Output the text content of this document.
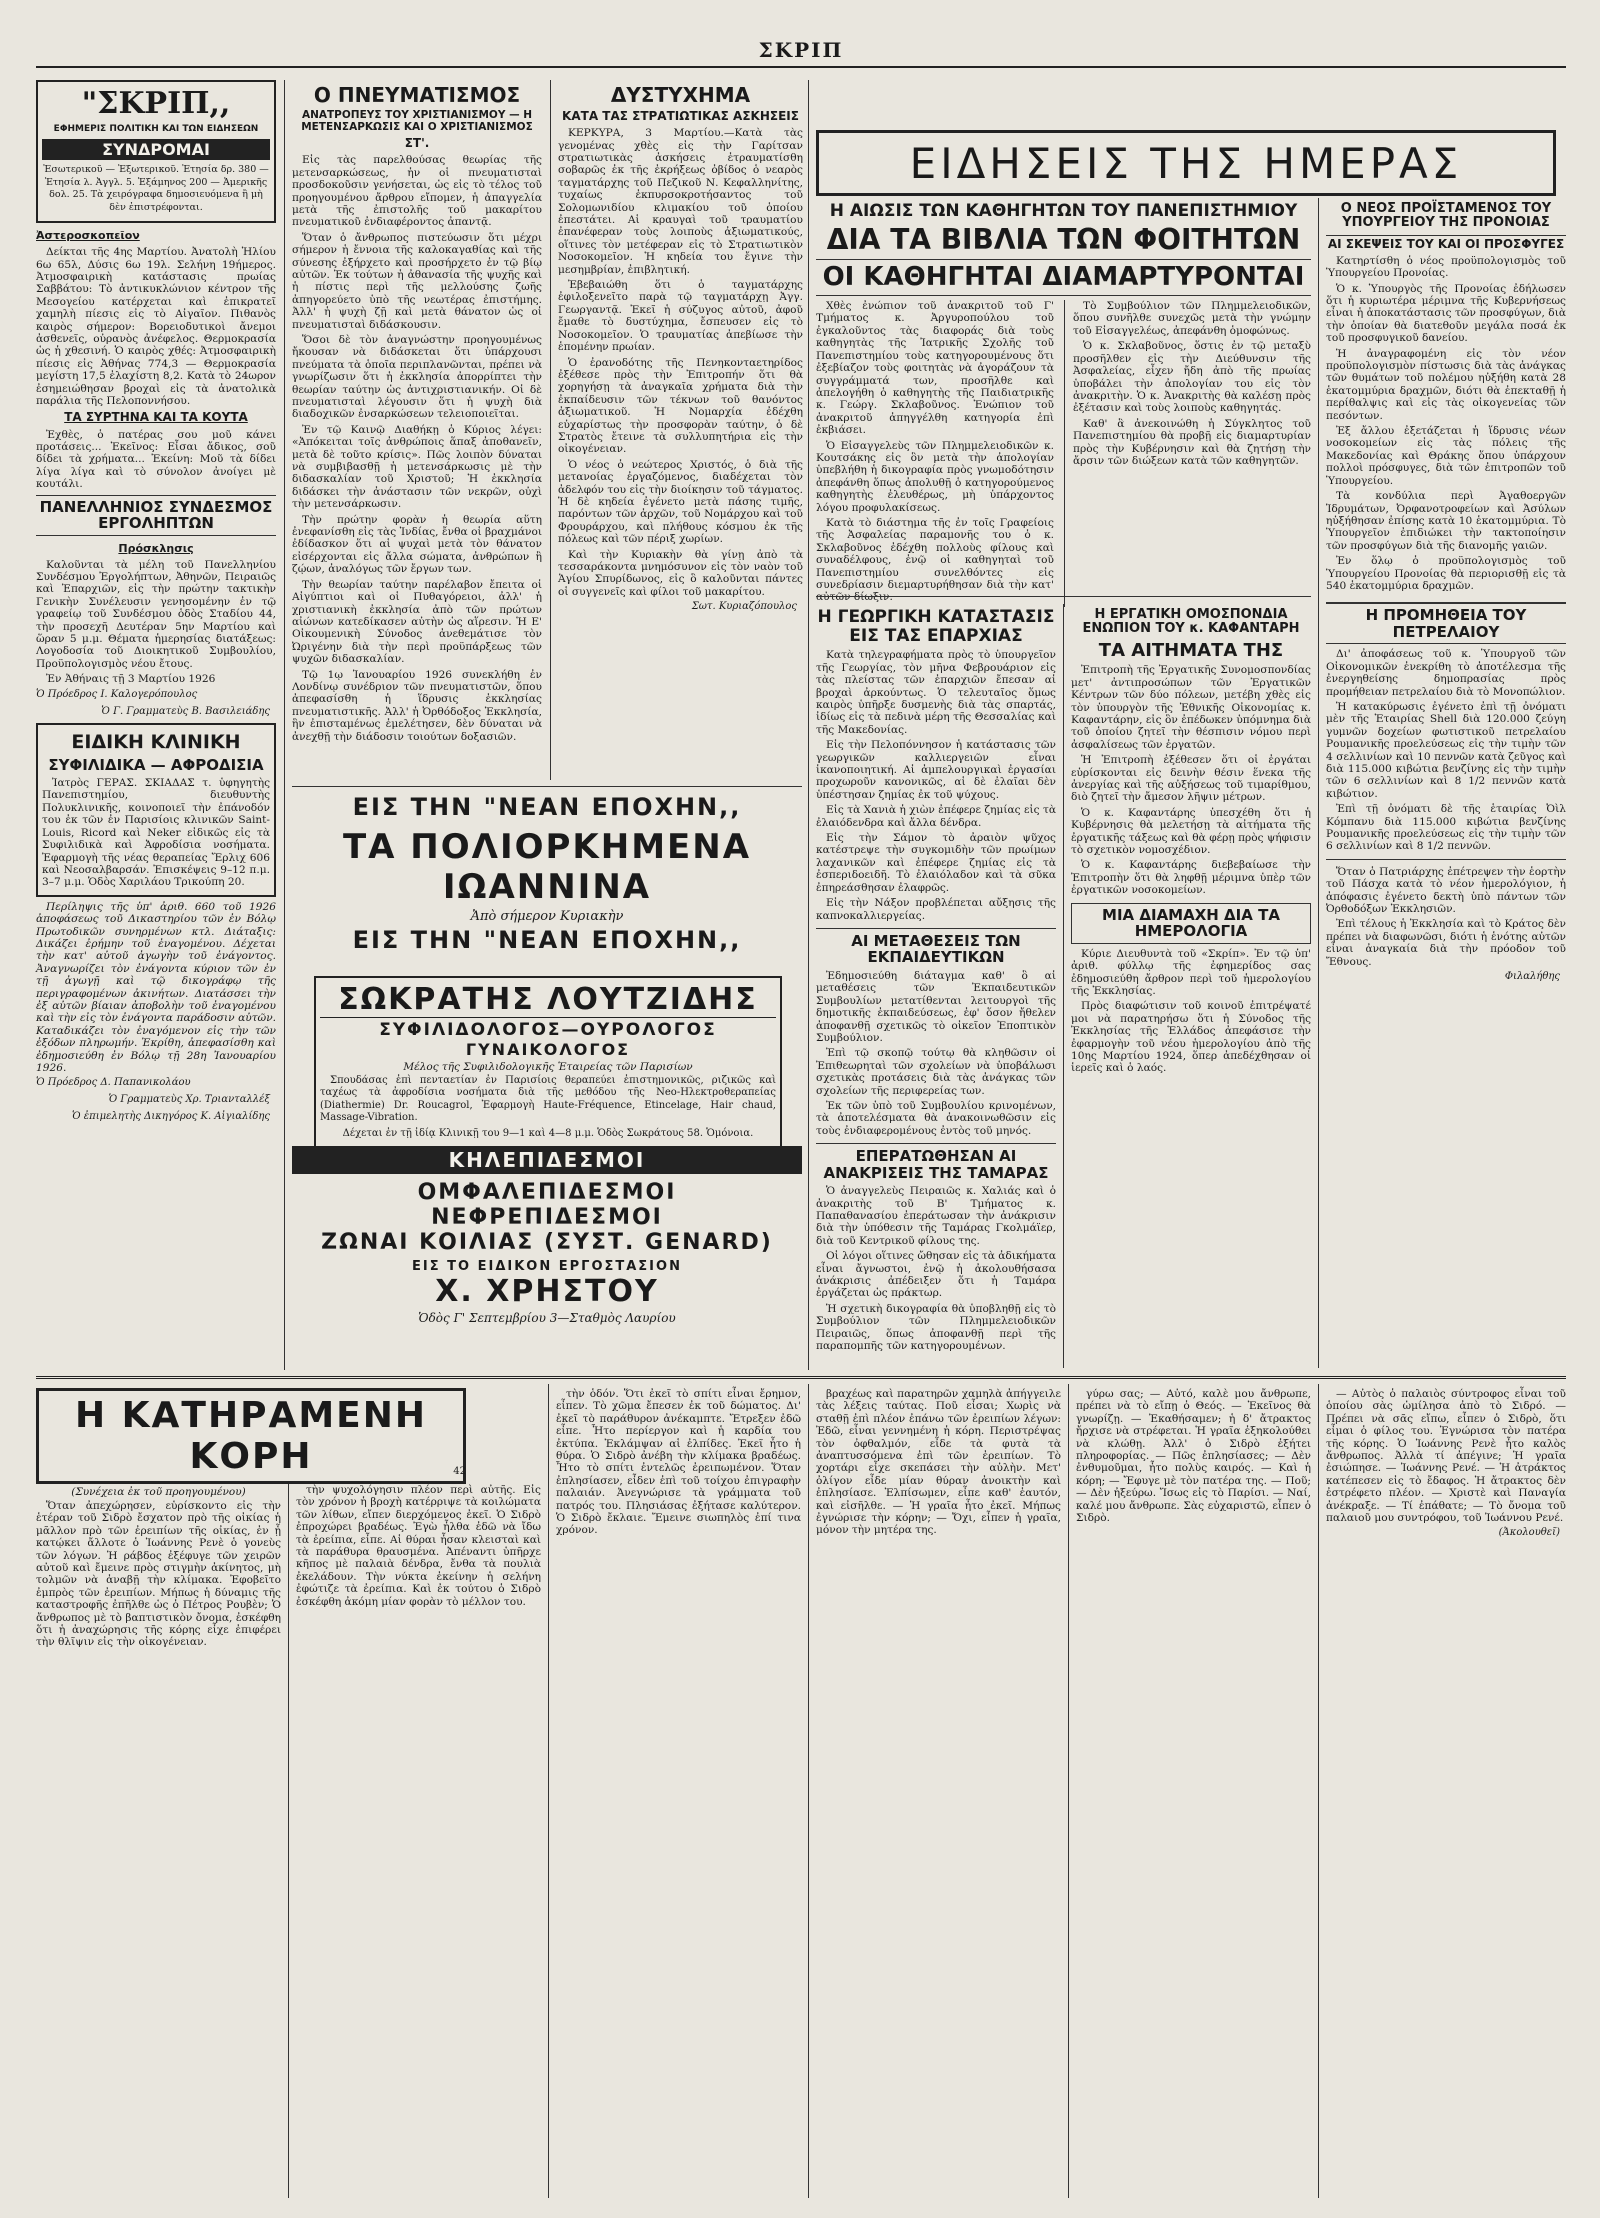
ΣΚΡΙΠ
"ΣΚΡΙΠ,,
ΕΦΗΜΕΡΙΣ ΠΟΛΙΤΙΚΗ ΚΑΙ ΤΩΝ ΕΙΔΗΣΕΩΝ
ΣΥΝΔΡΟΜΑΙ

Ἐσωτερικοῦ — Ἐξωτερικοῦ. Ἐτησία δρ. 380 — Ἐτησία λ. Ἀγγλ. 5. Ἑξάμηνος 200 — Ἀμερικῆς δολ. 25. Τὰ χειρόγραφα δημοσιευόμενα ἢ μὴ δὲν ἐπιστρέφονται.

Ἀστεροσκοπεῖον

Δείκται τῆς 4ης Μαρτίου. Ἀνατολὴ Ἡλίου 6ω 65λ, Δύσις 6ω 19λ. Σελήνη 19ήμερος. Ἀτμοσφαιρικὴ κατάστασις πρωίας Σαββάτου: Τὸ ἀντικυκλώνιον κέντρον τῆς Μεσογείου κατέρχεται καὶ ἐπικρατεῖ χαμηλὴ πίεσις εἰς τὸ Αἰγαῖον. Πιθανὸς καιρὸς σήμερον: Βορειοδυτικοὶ ἄνεμοι ἀσθενεῖς, οὐρανὸς ἀνέφελος. Θερμοκρασία ὡς ἡ χθεσινή. Ὁ καιρὸς χθές: Ἀτμοσφαιρικὴ πίεσις εἰς Ἀθήνας 774,3 — Θερμοκρασία μεγίστη 17,5 ἐλαχίστη 8,2. Κατὰ τὸ 24ωρον ἐσημειώθησαν βροχαὶ εἰς τὰ ἀνατολικὰ παράλια τῆς Πελοποννήσου.

ΤΑ ΣΥΡΤΗΝΑ ΚΑΙ ΤΑ ΚΟΥΤΑ

Ἐχθὲς, ὁ πατέρας σου μοῦ κάνει προτάσεις... Ἐκεῖνος: Εἶσαι ἄδικος, σοῦ δίδει τὰ χρήματα... Ἐκείνη: Μοῦ τὰ δίδει λίγα λίγα καὶ τὸ σύνολον ἀνοίγει μὲ κουτάλι.

ΠΑΝΕΛΛΗΝΙΟΣ ΣΥΝΔΕΣΜΟΣ ΕΡΓΟΛΗΠΤΩΝ
Πρόσκλησις

Καλοῦνται τὰ μέλη τοῦ Πανελληνίου Συνδέσμου Ἐργολήπτων, Ἀθηνῶν, Πειραιῶς καὶ Ἐπαρχιῶν, εἰς τὴν πρώτην τακτικὴν Γενικὴν Συνέλευσιν γενησομένην ἐν τῷ γραφείῳ τοῦ Συνδέσμου ὁδὸς Σταδίου 44, τὴν προσεχῆ Δευτέραν 5ην Μαρτίου καὶ ὥραν 5 μ.μ. Θέματα ἡμερησίας διατάξεως: Λογοδοσία τοῦ Διοικητικοῦ Συμβουλίου, Προϋπολογισμὸς νέου ἔτους.

Ἐν Ἀθήναις τῇ 3 Μαρτίου 1926

Ὁ Πρόεδρος Ι. Καλογερόπουλος
Ὁ Γ. Γραμματεὺς Β. Βασιλειάδης
ΕΙΔΙΚΗ ΚΛΙΝΙΚΗ
ΣΥΦΙΛΙΔΙΚΑ — ΑΦΡΟΔΙΣΙΑ

Ἰατρὸς ΓΕΡΑΣ. ΣΚΙΑΔΑΣ τ. ὑφηγητὴς Πανεπιστημίου, διευθυντὴς Πολυκλινικῆς, κοινοποιεῖ τὴν ἐπάνοδόν του ἐκ τῶν ἐν Παρισίοις κλινικῶν Saint-Louis, Ricord καὶ Neker εἰδικῶς εἰς τὰ Συφιλιδικὰ καὶ Ἀφροδίσια νοσήματα. Ἐφαρμογὴ τῆς νέας θεραπείας Ἔρλιχ 606 καὶ Νεοσαλβαρσάν. Ἐπισκέψεις 9–12 π.μ. 3–7 μ.μ. Ὁδὸς Χαριλάου Τρικούπη 20.

Περίληψις τῆς ὑπ' ἀριθ. 660 τοῦ 1926 ἀποφάσεως τοῦ Δικαστηρίου τῶν ἐν Βόλῳ Πρωτοδικῶν συνηρμένων κτλ. Διάταξις: Δικάζει ἐρήμην τοῦ ἐναγομένου. Δέχεται τὴν κατ' αὐτοῦ ἀγωγὴν τοῦ ἐνάγοντος. Ἀναγνωρίζει τὸν ἐνάγοντα κύριον τῶν ἐν τῇ ἀγωγῇ καὶ τῷ δικογράφῳ τῆς περιγραφομένων ἀκινήτων. Διατάσσει τὴν ἐξ αὐτῶν βίαιαν ἀποβολὴν τοῦ ἐναγομένου καὶ τὴν εἰς τὸν ἐνάγοντα παράδοσιν αὐτῶν. Καταδικάζει τὸν ἐναγόμενον εἰς τὴν τῶν ἐξόδων πληρωμήν. Ἐκρίθη, ἀπεφασίσθη καὶ ἐδημοσιεύθη ἐν Βόλῳ τῇ 28η Ἰανουαρίου 1926.

Ὁ Πρόεδρος Δ. Παπανικολάου
Ὁ Γραμματεὺς Χρ. Τριανταλλέξ
Ὁ ἐπιμελητὴς Δικηγόρος Κ. Αἰγιαλίδης
Ο ΠΝΕΥΜΑΤΙΣΜΟΣ
ΑΝΑΤΡΟΠΕΥΣ ΤΟΥ ΧΡΙΣΤΙΑΝΙΣΜΟΥ — Η ΜΕΤΕΝΣΑΡΚΩΣΙΣ ΚΑΙ Ο ΧΡΙΣΤΙΑΝΙΣΜΟΣ
ΣΤ'.

Εἰς τὰς παρελθούσας θεωρίας τῆς μετενσαρκώσεως, ἡν οἱ πνευματισταὶ προσδοκοῦσιν γενήσεται, ὡς εἰς τὸ τέλος τοῦ προηγουμένου ἄρθρου εἴπομεν, ἡ ἀπαγγελία μετὰ τῆς ἐπιστολῆς τοῦ μακαρίτου πνευματικοῦ ἐνδιαφέροντος ἀπαντᾷ.

Ὅταν ὁ ἄνθρωπος πιστεύωσιν ὅτι μέχρι σήμερον ἡ ἔννοια τῆς καλοκαγαθίας καὶ τῆς σύνεσης ἐξήρχετο καὶ προσήρχετο ἐν τῷ βίῳ αὐτῶν. Ἐκ τούτων ἡ ἀθανασία τῆς ψυχῆς καὶ ἡ πίστις περὶ τῆς μελλούσης ζωῆς ἀπηγορεύετο ὑπὸ τῆς νεωτέρας ἐπιστήμης. Ἀλλ' ἡ ψυχὴ ζῇ καὶ μετὰ θάνατον ὡς οἱ πνευματισταὶ διδάσκουσιν.

Ὅσοι δὲ τὸν ἀναγνώστην προηγουμένως ἤκουσαν νὰ διδάσκεται ὅτι ὑπάρχουσι πνεύματα τὰ ὁποῖα περιπλανῶνται, πρέπει νὰ γνωρίζωσιν ὅτι ἡ ἐκκλησία ἀπορρίπτει τὴν θεωρίαν ταύτην ὡς ἀντιχριστιανικήν. Οἱ δὲ πνευματισταὶ λέγουσιν ὅτι ἡ ψυχὴ διὰ διαδοχικῶν ἐνσαρκώσεων τελειοποιεῖται.

Ἐν τῷ Καινῷ Διαθήκῃ ὁ Κύριος λέγει: «Ἀπόκειται τοῖς ἀνθρώποις ἅπαξ ἀποθανεῖν, μετὰ δὲ τοῦτο κρίσις». Πῶς λοιπὸν δύναται νὰ συμβιβασθῇ ἡ μετενσάρκωσις μὲ τὴν διδασκαλίαν τοῦ Χριστοῦ; Ἡ ἐκκλησία διδάσκει τὴν ἀνάστασιν τῶν νεκρῶν, οὐχὶ τὴν μετενσάρκωσιν.

Τὴν πρώτην φορὰν ἡ θεωρία αὕτη ἐνεφανίσθη εἰς τὰς Ἰνδίας, ἔνθα οἱ βραχμάνοι ἐδίδασκον ὅτι αἱ ψυχαὶ μετὰ τὸν θάνατον εἰσέρχονται εἰς ἄλλα σώματα, ἀνθρώπων ἢ ζῴων, ἀναλόγως τῶν ἔργων των.

Τὴν θεωρίαν ταύτην παρέλαβον ἔπειτα οἱ Αἰγύπτιοι καὶ οἱ Πυθαγόρειοι, ἀλλ' ἡ χριστιανικὴ ἐκκλησία ἀπὸ τῶν πρώτων αἰώνων κατεδίκασεν αὐτὴν ὡς αἵρεσιν. Ἡ Ε' Οἰκουμενικὴ Σύνοδος ἀνεθεμάτισε τὸν Ὠριγένην διὰ τὴν περὶ προϋπάρξεως τῶν ψυχῶν διδασκαλίαν.

Τῷ 1ῳ Ἰανουαρίου 1926 συνεκλήθη ἐν Λονδίνῳ συνέδριον τῶν πνευματιστῶν, ὅπου ἀπεφασίσθη ἡ ἵδρυσις ἐκκλησίας πνευματιστικῆς. Ἀλλ' ἡ Ὀρθόδοξος Ἐκκλησία, ἣν ἐπισταμένως ἐμελέτησεν, δὲν δύναται νὰ ἀνεχθῇ τὴν διάδοσιν τοιούτων δοξασιῶν.

ΔΥΣΤΥΧΗΜΑ
ΚΑΤΑ ΤΑΣ ΣΤΡΑΤΙΩΤΙΚΑΣ ΑΣΚΗΣΕΙΣ

ΚΕΡΚΥΡΑ, 3 Μαρτίου.—Κατὰ τὰς γενομένας χθὲς εἰς τὴν Γαρίτσαν στρατιωτικὰς ἀσκήσεις ἐτραυματίσθη σοβαρῶς ἐκ τῆς ἐκρήξεως ὀβίδος ὁ νεαρὸς ταγματάρχης τοῦ Πεζικοῦ Ν. Κεφαλληνίτης, τυχαίως ἐκπυρσοκροτήσαντος τοῦ Σολομωνιδίου κλιμακίου τοῦ ὁποίου ἐπεστάτει. Αἱ κραυγαὶ τοῦ τραυματίου ἐπανέφεραν τοὺς λοιποὺς ἀξιωματικούς, οἵτινες τὸν μετέφεραν εἰς τὸ Στρατιωτικὸν Νοσοκομεῖον. Ἡ κηδεία του ἔγινε τὴν μεσημβρίαν, ἐπιβλητική.

Ἐβεβαιώθη ὅτι ὁ ταγματάρχης ἐφιλοξενεῖτο παρὰ τῷ ταγματάρχῃ Ἀγγ. Γεωργαντᾷ. Ἐκεῖ ἡ σύζυγος αὐτοῦ, ἀφοῦ ἔμαθε τὸ δυστύχημα, ἔσπευσεν εἰς τὸ Νοσοκομεῖον. Ὁ τραυματίας ἀπεβίωσε τὴν ἑπομένην πρωίαν.

Ὁ ἐρανοδότης τῆς Πενηκονταετηρίδος ἐξέθεσε πρὸς τὴν Ἐπιτροπήν ὅτι θὰ χορηγήσῃ τὰ ἀναγκαῖα χρήματα διὰ τὴν ἐκπαίδευσιν τῶν τέκνων τοῦ θανόντος ἀξιωματικοῦ. Ἡ Νομαρχία ἐδέχθη εὐχαρίστως τὴν προσφορὰν ταύτην, ὁ δὲ Στρατὸς ἔτεινε τὰ συλλυπητήρια εἰς τὴν οἰκογένειαν.

Ὁ νέος ὁ νεώτερος Χριστός, ὁ διὰ τῆς μετανοίας ἐργαζόμενος, διαδέχεται τὸν ἀδελφόν του εἰς τὴν διοίκησιν τοῦ τάγματος. Ἡ δὲ κηδεία ἐγένετο μετὰ πάσης τιμῆς, παρόντων τῶν ἀρχῶν, τοῦ Νομάρχου καὶ τοῦ Φρουράρχου, καὶ πλήθους κόσμου ἐκ τῆς πόλεως καὶ τῶν πέριξ χωρίων.

Καὶ τὴν Κυριακὴν θὰ γίνῃ ἀπὸ τὰ τεσσαράκοντα μνημόσυνον εἰς τὸν ναὸν τοῦ Ἁγίου Σπυρίδωνος, εἰς ὃ καλοῦνται πάντες οἱ συγγενεῖς καὶ φίλοι τοῦ μακαρίτου.

Σωτ. Κυριαζόπουλος
ΕΙΣ ΤΗΝ "ΝΕΑΝ ΕΠΟΧΗΝ,,
ΤΑ ΠΟΛΙΟΡΚΗΜΕΝΑ
ΙΩΑΝΝΙΝΑ
Ἀπὸ σήμερον Κυριακὴν
ΕΙΣ ΤΗΝ "ΝΕΑΝ ΕΠΟΧΗΝ,,
ΣΩΚΡΑΤΗΣ ΛΟΥΤΖΙΔΗΣ
ΣΥΦΙΛΙΔΟΛΟΓΟΣ—ΟΥΡΟΛΟΓΟΣ
ΓΥΝΑΙΚΟΛΟΓΟΣ
Μέλος τῆς Συφιλιδολογικῆς Ἑταιρείας τῶν Παρισίων

Σπουδάσας ἐπὶ πενταετίαν ἐν Παρισίοις θεραπεύει ἐπιστημονικῶς, ριζικῶς καὶ ταχέως τὰ ἀφροδίσια νοσήματα διὰ τῆς μεθόδου τῆς Neo-Ηλεκτροθεραπείας (Diathermie) Dr. Roucagrol, Ἐφαρμογὴ Haute-Fréquence, Etincelage, Hair chaud, Massage-Vibration.

Δέχεται ἐν τῇ ἰδίᾳ Κλινικῇ του 9—1 καὶ 4—8 μ.μ. Ὁδὸς Σωκράτους 58. Ὁμόνοια.
ΚΗΛΕΠΙΔΕΣΜΟΙ
ΟΜΦΑΛΕΠΙΔΕΣΜΟΙ
ΝΕΦΡΕΠΙΔΕΣΜΟΙ
ΖΩΝΑΙ ΚΟΙΛΙΑΣ (ΣΥΣΤ. GENARD)
ΕΙΣ ΤΟ ΕΙΔΙΚΟΝ ΕΡΓΟΣΤΑΣΙΟΝ
Χ. ΧΡΗΣΤΟΥ
Ὁδὸς Γ' Σεπτεμβρίου 3—Σταθμὸς Λαυρίου
ΕΙΔΗΣΕΙΣ ΤΗΣ ΗΜΕΡΑΣ
Η ΑΙΩΣΙΣ ΤΩΝ ΚΑΘΗΓΗΤΩΝ ΤΟΥ ΠΑΝΕΠΙΣΤΗΜΙΟΥ
ΔΙΑ ΤΑ ΒΙΒΛΙΑ ΤΩΝ ΦΟΙΤΗΤΩΝ
ΟΙ ΚΑΘΗΓΗΤΑΙ ΔΙΑΜΑΡΤΥΡΟΝΤΑΙ

Χθὲς ἐνώπιον τοῦ ἀνακριτοῦ τοῦ Γ' Τμήματος κ. Ἀργυροπούλου τοῦ ἐγκαλοῦντος τὰς διαφοράς διὰ τοὺς καθηγητὰς τῆς Ἰατρικῆς Σχολῆς τοῦ Πανεπιστημίου τοὺς κατηγορουμένους ὅτι ἐξεβίαζον τοὺς φοιτητὰς νὰ ἀγοράζουν τὰ συγγράμματά των, προσῆλθε καὶ ἀπελογήθη ὁ καθηγητὴς τῆς Παιδιατρικῆς κ. Γεώργ. Σκλαβοῦνος. Ἐνώπιον τοῦ ἀνακριτοῦ ἀπηγγέλθη κατηγορία ἐπὶ ἐκβιάσει.

Ὁ Εἰσαγγελεὺς τῶν Πλημμελειοδικῶν κ. Κουτσάκης εἰς ὃν μετὰ τὴν ἀπολογίαν ὑπεβλήθη ἡ δικογραφία πρὸς γνωμοδότησιν ἀπεφάνθη ὅπως ἀπολυθῇ ὁ κατηγορούμενος καθηγητὴς ἐλευθέρως, μὴ ὑπάρχοντος λόγου προφυλακίσεως.

Κατὰ τὸ διάστημα τῆς ἐν τοῖς Γραφείοις τῆς Ἀσφαλείας παραμονῆς του ὁ κ. Σκλαβοῦνος ἐδέχθη πολλοὺς φίλους καὶ συναδέλφους, ἐνῷ οἱ καθηγηταὶ τοῦ Πανεπιστημίου συνελθόντες εἰς συνεδρίασιν διεμαρτυρήθησαν διὰ τὴν κατ' αὐτῶν δίωξιν.

Τὸ Συμβούλιον τῶν Πλημμελειοδικῶν, ὅπου συνῆλθε συνεχῶς μετὰ τὴν γνώμην τοῦ Εἰσαγγελέως, ἀπεφάνθη ὁμοφώνως.

Ὁ κ. Σκλαβοῦνος, ὅστις ἐν τῷ μεταξὺ προσῆλθεν εἰς τὴν Διεύθυνσιν τῆς Ἀσφαλείας, εἶχεν ἤδη ἀπὸ τῆς πρωίας ὑποβάλει τὴν ἀπολογίαν του εἰς τὸν ἀνακριτὴν. Ὁ κ. Ἀνακριτὴς θὰ καλέσῃ πρὸς ἐξέτασιν καὶ τοὺς λοιποὺς καθηγητάς.

Καθ' ἃ ἀνεκοινώθη ἡ Σύγκλητος τοῦ Πανεπιστημίου θὰ προβῇ εἰς διαμαρτυρίαν πρὸς τὴν Κυβέρνησιν καὶ θὰ ζητήσῃ τὴν ἄρσιν τῶν διώξεων κατὰ τῶν καθηγητῶν.

Ο ΝΕΟΣ ΠΡΟΪΣΤΑΜΕΝΟΣ ΤΟΥ ΥΠΟΥΡΓΕΙΟΥ ΤΗΣ ΠΡΟΝΟΙΑΣ
ΑΙ ΣΚΕΨΕΙΣ ΤΟΥ ΚΑΙ ΟΙ ΠΡΟΣΦΥΓΕΣ

Κατηρτίσθη ὁ νέος προϋπολογισμὸς τοῦ Ὑπουργείου Προνοίας.

Ὁ κ. Ὑπουργὸς τῆς Προνοίας ἐδήλωσεν ὅτι ἡ κυριωτέρα μέριμνα τῆς Κυβερνήσεως εἶναι ἡ ἀποκατάστασις τῶν προσφύγων, διὰ τὴν ὁποίαν θὰ διατεθοῦν μεγάλα ποσά ἐκ τοῦ προσφυγικοῦ δανείου.

Ἡ ἀναγραφομένη εἰς τὸν νέον προϋπολογισμὸν πίστωσις διὰ τὰς ἀνάγκας τῶν θυμάτων τοῦ πολέμου ηὐξήθη κατὰ 28 ἑκατομμύρια δραχμῶν, διότι θὰ ἐπεκταθῇ ἡ περίθαλψις καὶ εἰς τὰς οἰκογενείας τῶν πεσόντων.

Ἐξ ἄλλου ἐξετάζεται ἡ ἵδρυσις νέων νοσοκομείων εἰς τὰς πόλεις τῆς Μακεδονίας καὶ Θράκης ὅπου ὑπάρχουν πολλοὶ πρόσφυγες, διὰ τῶν ἐπιτροπῶν τοῦ Ὑπουργείου.

Τὰ κονδύλια περὶ Ἀγαθοεργῶν Ἱδρυμάτων, Ὀρφανοτροφείων καὶ Ἀσύλων ηὐξήθησαν ἐπίσης κατὰ 10 ἑκατομμύρια. Τὸ Ὑπουργεῖον ἐπιδιώκει τὴν τακτοποίησιν τῶν προσφύγων διὰ τῆς διανομῆς γαιῶν.

Ἐν ὅλῳ ὁ προϋπολογισμὸς τοῦ Ὑπουργείου Προνοίας θὰ περιορισθῇ εἰς τὰ 540 ἑκατομμύρια δραχμῶν.

Η ΠΡΟΜΗΘΕΙΑ ΤΟΥ ΠΕΤΡΕΛΑΙΟΥ

Δι' ἀποφάσεως τοῦ κ. Ὑπουργοῦ τῶν Οἰκονομικῶν ἐνεκρίθη τὸ ἀποτέλεσμα τῆς ἐνεργηθείσης δημοπρασίας πρὸς προμήθειαν πετρελαίου διὰ τὸ Μονοπώλιον.

Ἡ κατακύρωσις ἐγένετο ἐπὶ τῇ ὀνόματι μὲν τῆς Ἑταιρίας Shell διὰ 120.000 ζεύγη γυμνῶν δοχείων φωτιστικοῦ πετρελαίου Ρουμανικῆς προελεύσεως εἰς τὴν τιμὴν τῶν 4 σελλινίων καὶ 10 πεννῶν κατὰ ζεῦγος καὶ διὰ 115.000 κιβώτια βενζίνης εἰς τὴν τιμὴν τῶν 6 σελλινίων καὶ 8 1/2 πεννῶν κατὰ κιβώτιον.

Ἐπὶ τῇ ὀνόματι δὲ τῆς ἑταιρίας Ὀὶλ Κόμπανυ διὰ 115.000 κιβώτια βενζίνης Ρουμανικῆς προελεύσεως εἰς τὴν τιμὴν τῶν 6 σελλινίων καὶ 8 1/2 πεννῶν.

Ὅταν ὁ Πατριάρχης ἐπέτρεψεν τὴν ἑορτὴν τοῦ Πάσχα κατὰ τὸ νέον ἡμερολόγιον, ἡ ἀπόφασις ἐγένετο δεκτὴ ὑπὸ πάντων τῶν Ὀρθοδόξων Ἐκκλησιῶν.

Ἐπὶ τέλους ἡ Ἐκκλησία καὶ τὸ Κράτος δὲν πρέπει νὰ διαφωνῶσι, διότι ἡ ἑνότης αὐτῶν εἶναι ἀναγκαία διὰ τὴν πρόοδον τοῦ Ἔθνους.

Φιλαλήθης
Η ΓΕΩΡΓΙΚΗ ΚΑΤΑΣΤΑΣΙΣ ΕΙΣ ΤΑΣ ΕΠΑΡΧΙΑΣ

Κατὰ τηλεγραφήματα πρὸς τὸ ὑπουργεῖον τῆς Γεωργίας, τὸν μῆνα Φεβρουάριον εἰς τὰς πλείστας τῶν ἐπαρχιῶν ἔπεσαν αἱ βροχαὶ ἀρκούντως. Ὁ τελευταῖος ὅμως καιρὸς ὑπῆρξε δυσμενὴς διὰ τὰς σπαρτάς, ἰδίως εἰς τὰ πεδινὰ μέρη τῆς Θεσσαλίας καὶ τῆς Μακεδονίας.

Εἰς τὴν Πελοπόννησον ἡ κατάστασις τῶν γεωργικῶν καλλιεργειῶν εἶναι ἱκανοποιητική. Αἱ ἀμπελουργικαὶ ἐργασίαι προχωροῦν κανονικῶς, αἱ δὲ ἐλαῖαι δὲν ὑπέστησαν ζημίας ἐκ τοῦ ψύχους.

Εἰς τὰ Χανιὰ ἡ χιὼν ἐπέφερε ζημίας εἰς τὰ ἐλαιόδενδρα καὶ ἄλλα δένδρα.

Εἰς τὴν Σάμον τὸ ἀραιὸν ψῦχος κατέστρεψε τὴν συγκομιδὴν τῶν πρωίμων λαχανικῶν καὶ ἐπέφερε ζημίας εἰς τὰ ἐσπεριδοειδῆ. Τὸ ἐλαιόλαδον καὶ τὰ σῦκα ἐπηρεάσθησαν ἐλαφρῶς.

Εἰς τὴν Νάξον προβλέπεται αὔξησις τῆς καπνοκαλλιεργείας.

ΑΙ ΜΕΤΑΘΕΣΕΙΣ ΤΩΝ ΕΚΠΑΙΔΕΥΤΙΚΩΝ

Ἐδημοσιεύθη διάταγμα καθ' ὃ αἱ μεταθέσεις τῶν Ἐκπαιδευτικῶν Συμβουλίων μετατίθενται λειτουργοὶ τῆς δημοτικῆς ἐκπαιδεύσεως, ἐφ' ὅσον ἤθελεν ἀποφανθῇ σχετικῶς τὸ οἰκεῖον Ἐποπτικὸν Συμβούλιον.

Ἐπὶ τῷ σκοπῷ τούτῳ θὰ κληθῶσιν οἱ Ἐπιθεωρηταὶ τῶν σχολείων νὰ ὑποβάλωσι σχετικὰς προτάσεις διὰ τὰς ἀνάγκας τῶν σχολείων τῆς περιφερείας των.

Ἐκ τῶν ὑπὸ τοῦ Συμβουλίου κρινομένων, τὰ ἀποτελέσματα θὰ ἀνακοινωθῶσιν εἰς τοὺς ἐνδιαφερομένους ἐντὸς τοῦ μηνός.

ΕΠΕΡΑΤΩΘΗΣΑΝ ΑΙ ΑΝΑΚΡΙΣΕΙΣ ΤΗΣ ΤΑΜΑΡΑΣ

Ὁ ἀναγγελεὺς Πειραιῶς κ. Χαλιάς καὶ ὁ ἀνακριτὴς τοῦ Β' Τμήματος κ. Παπαθανασίου ἐπεράτωσαν τὴν ἀνάκρισιν διὰ τὴν ὑπόθεσιν τῆς Ταμάρας Γκολμάϊερ, διὰ τοῦ Κεντρικοῦ φίλους της.

Οἱ λόγοι οἵτινες ὤθησαν εἰς τὰ ἀδικήματα εἶναι ἄγνωστοι, ἐνῷ ἡ ἀκολουθήσασα ἀνάκρισις ἀπέδειξεν ὅτι ἡ Ταμάρα ἐργάζεται ὡς πράκτωρ.

Ἡ σχετικὴ δικογραφία θὰ ὑποβληθῇ εἰς τὸ Συμβούλιον τῶν Πλημμελειοδικῶν Πειραιῶς, ὅπως ἀποφανθῇ περὶ τῆς παραπομπῆς τῶν κατηγορουμένων.

Η ΕΡΓΑΤΙΚΗ ΟΜΟΣΠΟΝΔΙΑ ΕΝΩΠΙΟΝ ΤΟΥ κ. ΚΑΦΑΝΤΑΡΗ
ΤΑ ΑΙΤΗΜΑΤΑ ΤΗΣ

Ἐπιτροπὴ τῆς Ἐργατικῆς Συνομοσπονδίας μετ' ἀντιπροσώπων τῶν Ἐργατικῶν Κέντρων τῶν δύο πόλεων, μετέβη χθὲς εἰς τὸν ὑπουργὸν τῆς Ἐθνικῆς Οἰκονομίας κ. Καφαντάρην, εἰς ὃν ἐπέδωκεν ὑπόμνημα διὰ τοῦ ὁποίου ζητεῖ τὴν θέσπισιν νόμου περὶ ἀσφαλίσεως τῶν ἐργατῶν.

Ἡ Ἐπιτροπὴ ἐξέθεσεν ὅτι οἱ ἐργάται εὑρίσκονται εἰς δεινὴν θέσιν ἕνεκα τῆς ἀνεργίας καὶ τῆς αὐξήσεως τοῦ τιμαρίθμου, διὸ ζητεῖ τὴν ἄμεσον λῆψιν μέτρων.

Ὁ κ. Καφαντάρης ὑπεσχέθη ὅτι ἡ Κυβέρνησις θὰ μελετήσῃ τὰ αἰτήματα τῆς ἐργατικῆς τάξεως καὶ θὰ φέρῃ πρὸς ψήφισιν τὸ σχετικὸν νομοσχέδιον.

Ὁ κ. Καφαντάρης διεβεβαίωσε τὴν Ἐπιτροπὴν ὅτι θὰ ληφθῇ μέριμνα ὑπὲρ τῶν ἐργατικῶν νοσοκομείων.

ΜΙΑ ΔΙΑΜΑΧΗ ΔΙΑ ΤΑ ΗΜΕΡΟΛΟΓΙΑ

Κύριε Διευθυντὰ τοῦ «Σκρίπ». Ἐν τῷ ὑπ' ἀριθ. φύλλῳ τῆς ἐφημερίδος σας ἐδημοσιεύθη ἄρθρον περὶ τοῦ ἡμερολογίου τῆς Ἐκκλησίας.

Πρὸς διαφώτισιν τοῦ κοινοῦ ἐπιτρέψατέ μοι νὰ παρατηρήσω ὅτι ἡ Σύνοδος τῆς Ἐκκλησίας τῆς Ἑλλάδος ἀπεφάσισε τὴν ἐφαρμογὴν τοῦ νέου ἡμερολογίου ἀπὸ τῆς 10ης Μαρτίου 1924, ὅπερ ἀπεδέχθησαν οἱ ἱερεῖς καὶ ὁ λαός.

Η ΚΑΤΗΡΑΜΕΝΗ ΚΟΡΗ	42
(Συνέχεια ἐκ τοῦ προηγουμένου)

Ὅταν ἀπεχώρησεν, εὑρίσκοντο εἰς τὴν ἑτέραν τοῦ Σιδρὸ ἔσχατον πρὸ τῆς οἰκίας ἡ μᾶλλον πρὸ τῶν ἐρειπίων τῆς οἰκίας, ἐν ᾗ κατῴκει ἄλλοτε ὁ Ἰωάννης Ρενὲ ὁ γονεὺς τῶν λόγων. Ἡ ράβδος ἐξέφυγε τῶν χειρῶν αὐτοῦ καὶ ἔμεινε πρὸς στιγμὴν ἀκίνητος, μὴ τολμῶν νὰ ἀναβῇ τὴν κλίμακα. Ἐφοβεῖτο ἐμπρὸς τῶν ἐρειπίων. Μήπως ἡ δύναμις τῆς καταστροφῆς ἐπῆλθε ὡς ὁ Πέτρος Ρουβὲν; Ὁ ἄνθρωπος μὲ τὸ βαπτιστικὸν ὄνομα, ἐσκέφθη ὅτι ἡ ἀναχώρησις τῆς κόρης εἶχε ἐπιφέρει τὴν θλῖψιν εἰς τὴν οἰκογένειαν.

τὴν ψυχολόγησιν πλέον περὶ αὐτῆς. Εἰς τὸν χρόνον ἡ βροχὴ κατέρριψε τὰ κοιλώματα τῶν λίθων, εἴπεν διερχόμενος ἐκεῖ. Ὁ Σιδρὸ ἐπροχώρει βραδέως. Ἐγὼ ἦλθα ἐδῶ νὰ ἴδω τὰ ἐρείπια, εἶπε. Αἱ θύραι ἦσαν κλεισταὶ καὶ τὰ παράθυρα θραυσμένα. Ἀπέναντι ὑπῆρχε κῆπος μὲ παλαιὰ δένδρα, ἔνθα τὰ πουλιὰ ἐκελάδουν. Τὴν νύκτα ἐκείνην ἡ σελήνη ἐφώτιζε τὰ ἐρείπια. Καὶ ἐκ τούτου ὁ Σιδρὸ ἐσκέφθη ἀκόμη μίαν φορὰν τὸ μέλλον του.

τὴν ὁδόν. Ὅτι ἐκεῖ τὸ σπίτι εἶναι ἔρημον, εἶπεν. Τὸ χῶμα ἔπεσεν ἐκ τοῦ δώματος. Δι' ἐκεῖ τὸ παράθυρον ἀνέκαμπτε. Ἔτρεξεν ἐδῶ εἶπε. Ἦτο περίεργον καὶ ἡ καρδία του ἐκτύπα. Ἐκλάμψαν αἱ ἐλπίδες. Ἐκεῖ ἦτο ἡ θύρα. Ὁ Σιδρὸ ἀνέβη τὴν κλίμακα βραδέως. Ἦτο τὸ σπίτι ἐντελῶς ἐρειπωμένον. Ὅταν ἐπλησίασεν, εἶδεν ἐπὶ τοῦ τοίχου ἐπιγραφὴν παλαιάν. Ἀνεγνώρισε τὰ γράμματα τοῦ πατρός του. Πλησιάσας ἐξήτασε καλύτερον. Ὁ Σιδρὸ ἔκλαιε. Ἔμεινε σιωπηλὸς ἐπί τινα χρόνον.

βραχέως καὶ παρατηρῶν χαμηλὰ ἀπήγγειλε τὰς λέξεις ταύτας. Ποῦ εἶσαι; Χωρὶς νὰ σταθῇ ἐπὶ πλέον ἐπάνω τῶν ἐρειπίων λέγων: Ἐδῶ, εἶναι γεννημένη ἡ κόρη. Περιστρέψας τὸν ὀφθαλμόν, εἶδε τὰ φυτὰ τὰ ἀναπτυσσόμενα ἐπὶ τῶν ἐρειπίων. Τὸ χορτάρι εἶχε σκεπάσει τὴν αὐλὴν. Μετ' ὀλίγον εἶδε μίαν θύραν ἀνοικτὴν καὶ ἐπλησίασε. Ἐλπίσωμεν, εἶπε καθ' ἑαυτόν, καὶ εἰσῆλθε. — Ἡ γραῖα ἦτο ἐκεῖ. Μήπως ἐγνώρισε τὴν κόρην; — Ὄχι, εἶπεν ἡ γραῖα, μόνον τὴν μητέρα της.

γύρω σας; — Αὐτό, καλὲ μου ἄνθρωπε, πρέπει νὰ τὸ εἴπῃ ὁ Θεός. — Ἐκεῖνος θὰ γνωρίζῃ. — Ἐκαθήσαμεν; ἡ δ' ἄτρακτος ἤρχισε νὰ στρέφεται. Ἡ γραῖα ἐξηκολούθει νὰ κλώθῃ. Ἀλλ' ὁ Σιδρὸ ἐξήτει πληροφορίας. — Πῶς ἐπλησίασες; — Δὲν ἐνθυμοῦμαι, ἦτο πολὺς καιρός. — Καὶ ἡ κόρη; — Ἔφυγε μὲ τὸν πατέρα της. — Ποῦ; — Δὲν ἠξεύρω. Ἴσως εἰς τὸ Παρίσι. — Ναί, καλέ μου ἄνθρωπε. Σὰς εὐχαριστῶ, εἶπεν ὁ Σιδρὸ.

— Αὐτὸς ὁ παλαιὸς σύντροφος εἶναι τοῦ ὁποίου σὰς ὡμίλησα ἀπὸ τὸ Σιδρό. — Πρέπει νὰ σᾶς εἴπω, εἶπεν ὁ Σιδρὸ, ὅτι εἶμαι ὁ φίλος του. Ἐγνώρισα τὸν πατέρα τῆς κόρης. Ὁ Ἰωάννης Ρενὲ ἦτο καλὸς ἄνθρωπος. Ἀλλὰ τί ἀπέγινε; Ἡ γραῖα ἐσιώπησε. — Ἰωάννης Ρενέ. — Ἡ ἀτράκτος κατέπεσεν εἰς τὸ ἔδαφος. Ἡ ἄτρακτος δὲν ἐστρέφετο πλέον. — Χριστὲ καὶ Παναγία ἀνέκραξε. — Τί ἐπάθατε; — Τὸ ὄνομα τοῦ παλαιοῦ μου συντρόφου, τοῦ Ἰωάννου Ρενέ.

(Ἀκολουθεῖ)
